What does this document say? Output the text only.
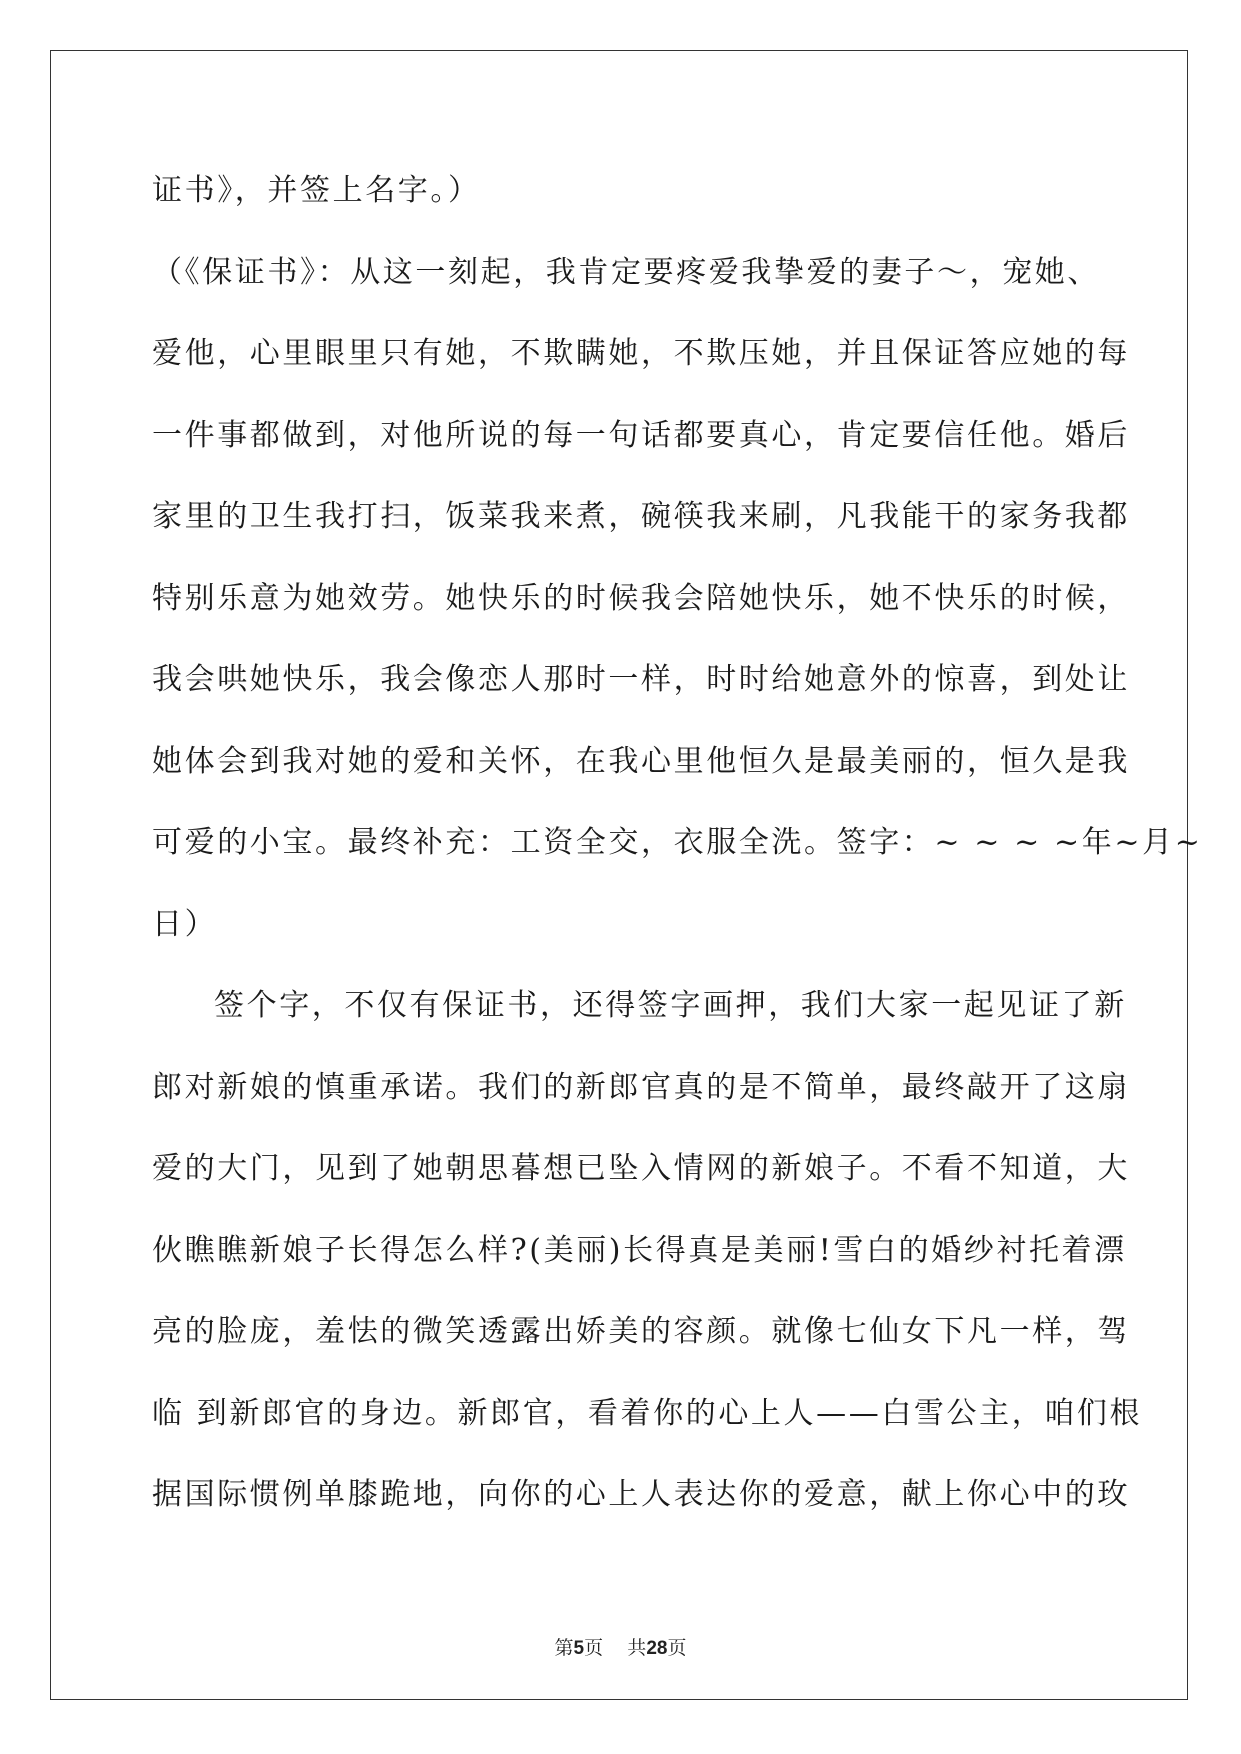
证书》，并签上名字。）
（《保证书》：从这一刻起，我肯定要疼爱我挚爱的妻子～，宠她、
爱他，心里眼里只有她，不欺瞒她，不欺压她，并且保证答应她的每
一件事都做到，对他所说的每一句话都要真心，肯定要信任他。婚后
家里的卫生我打扫，饭菜我来煮，碗筷我来刷，凡我能干的家务我都
特别乐意为她效劳。她快乐的时候我会陪她快乐，她不快乐的时候，
我会哄她快乐，我会像恋人那时一样，时时给她意外的惊喜，到处让
她体会到我对她的爱和关怀，在我心里他恒久是最美丽的，恒久是我
可爱的小宝。最终补充：工资全交，衣服全洗。签字：~ ~ ~ ~年~月~
日）
签个字，不仅有保证书，还得签字画押，我们大家一起见证了新
郎对新娘的慎重承诺。我们的新郎官真的是不简单，最终敲开了这扇
爱的大门，见到了她朝思暮想已坠入情网的新娘子。不看不知道，大
伙瞧瞧新娘子长得怎么样?(美丽)长得真是美丽!雪白的婚纱衬托着漂
亮的脸庞，羞怯的微笑透露出娇美的容颜。就像七仙女下凡一样，驾
临 到新郎官的身边。新郎官，看着你的心上人——白雪公主，咱们根
据国际惯例单膝跪地，向你的心上人表达你的爱意，献上你心中的玫
第5页 共28页
